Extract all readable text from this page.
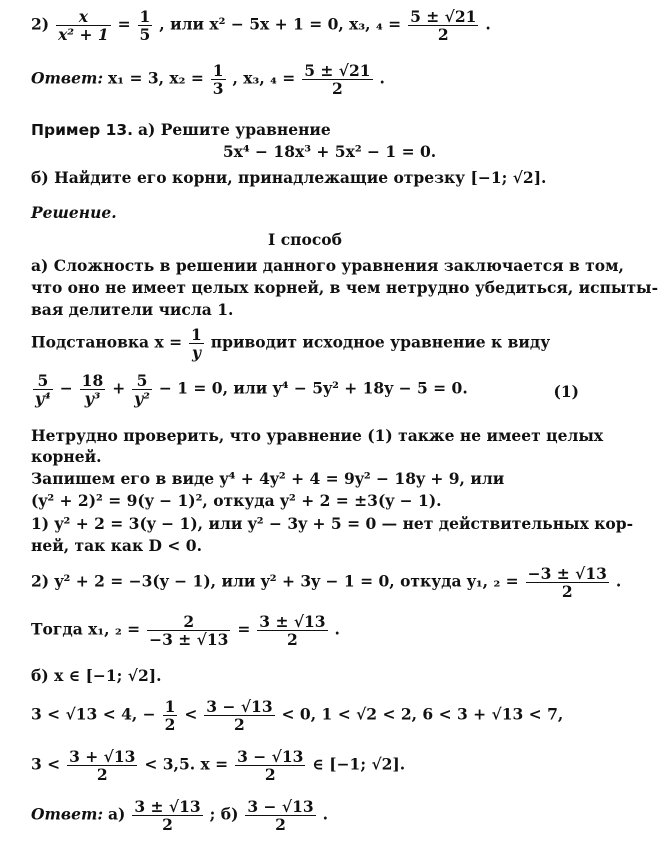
$2) \frac{x}{\text{x² + 1}} = \frac{1}{5}$ , или x² − 5x + 1 = 0, x₃, $_4 = \frac{5 \pm √21}{2}$ .
Ответ: x₁ = 3, $x_2 = \frac{1}{3}$ , x₃, $_4 = \frac{5 \pm √21}{2}$ .
Пример 13. а) Решите уравнение
5x⁴ − 18x³ + 5x² − 1 = 0.
б) Найдите его корни, принадлежащие отрезку [−1; √2].
Решение.
I способ
а) Сложность в решении данного уравнения заключается в том,
что оно не имеет целых корней, в чем нетрудно убедиться, испыты-
вая делители числа 1.
Подстановка $x = \frac{1}{y}$ приводит исходное уравнение к виду
$\frac{5}{\text{y⁴}} - \frac{18}{\text{y³}} + \frac{5}{\text{y²}} - 1 = 0$, или y⁴ − 5y² + 18y − 5 = 0.	(1)
Нетрудно проверить, что уравнение (1) также не имеет целых
корней.
Запишем его в виде y⁴ + 4y² + 4 = 9y² − 18y + 9, или
(y² + 2)² = 9(y − 1)², откуда y² + 2 = ±3(y − 1).
1) y² + 2 = 3(y − 1), или y² − 3y + 5 = 0 — нет действительных кор-
ней, так как D < 0.
2) y² + 2 = −3(y − 1), или y² + 3y − 1 = 0, откуда y₁, $_2 = \frac{-3 \pm √13}{2}$ .
Тогда x₁, $_2 = \frac{2}{-3 \pm √13} = \frac{3 \pm √13}{2}$ .
б) x ∈ [−1; √2].
3 < √13 < 4, − $\frac{1}{2} < \frac{3 - √13}{2} < 0$, 1 < √2 < 2, 6 < 3 + √13 < 7,
$3 < \frac{3 + √13}{2} < 3,5$. $x = \frac{3 - √13}{2}$ ∈ [−1; √2].
Ответ: $а) \frac{3 \pm √13}{2}$ ; $б) \frac{3 - √13}{2}$ .
